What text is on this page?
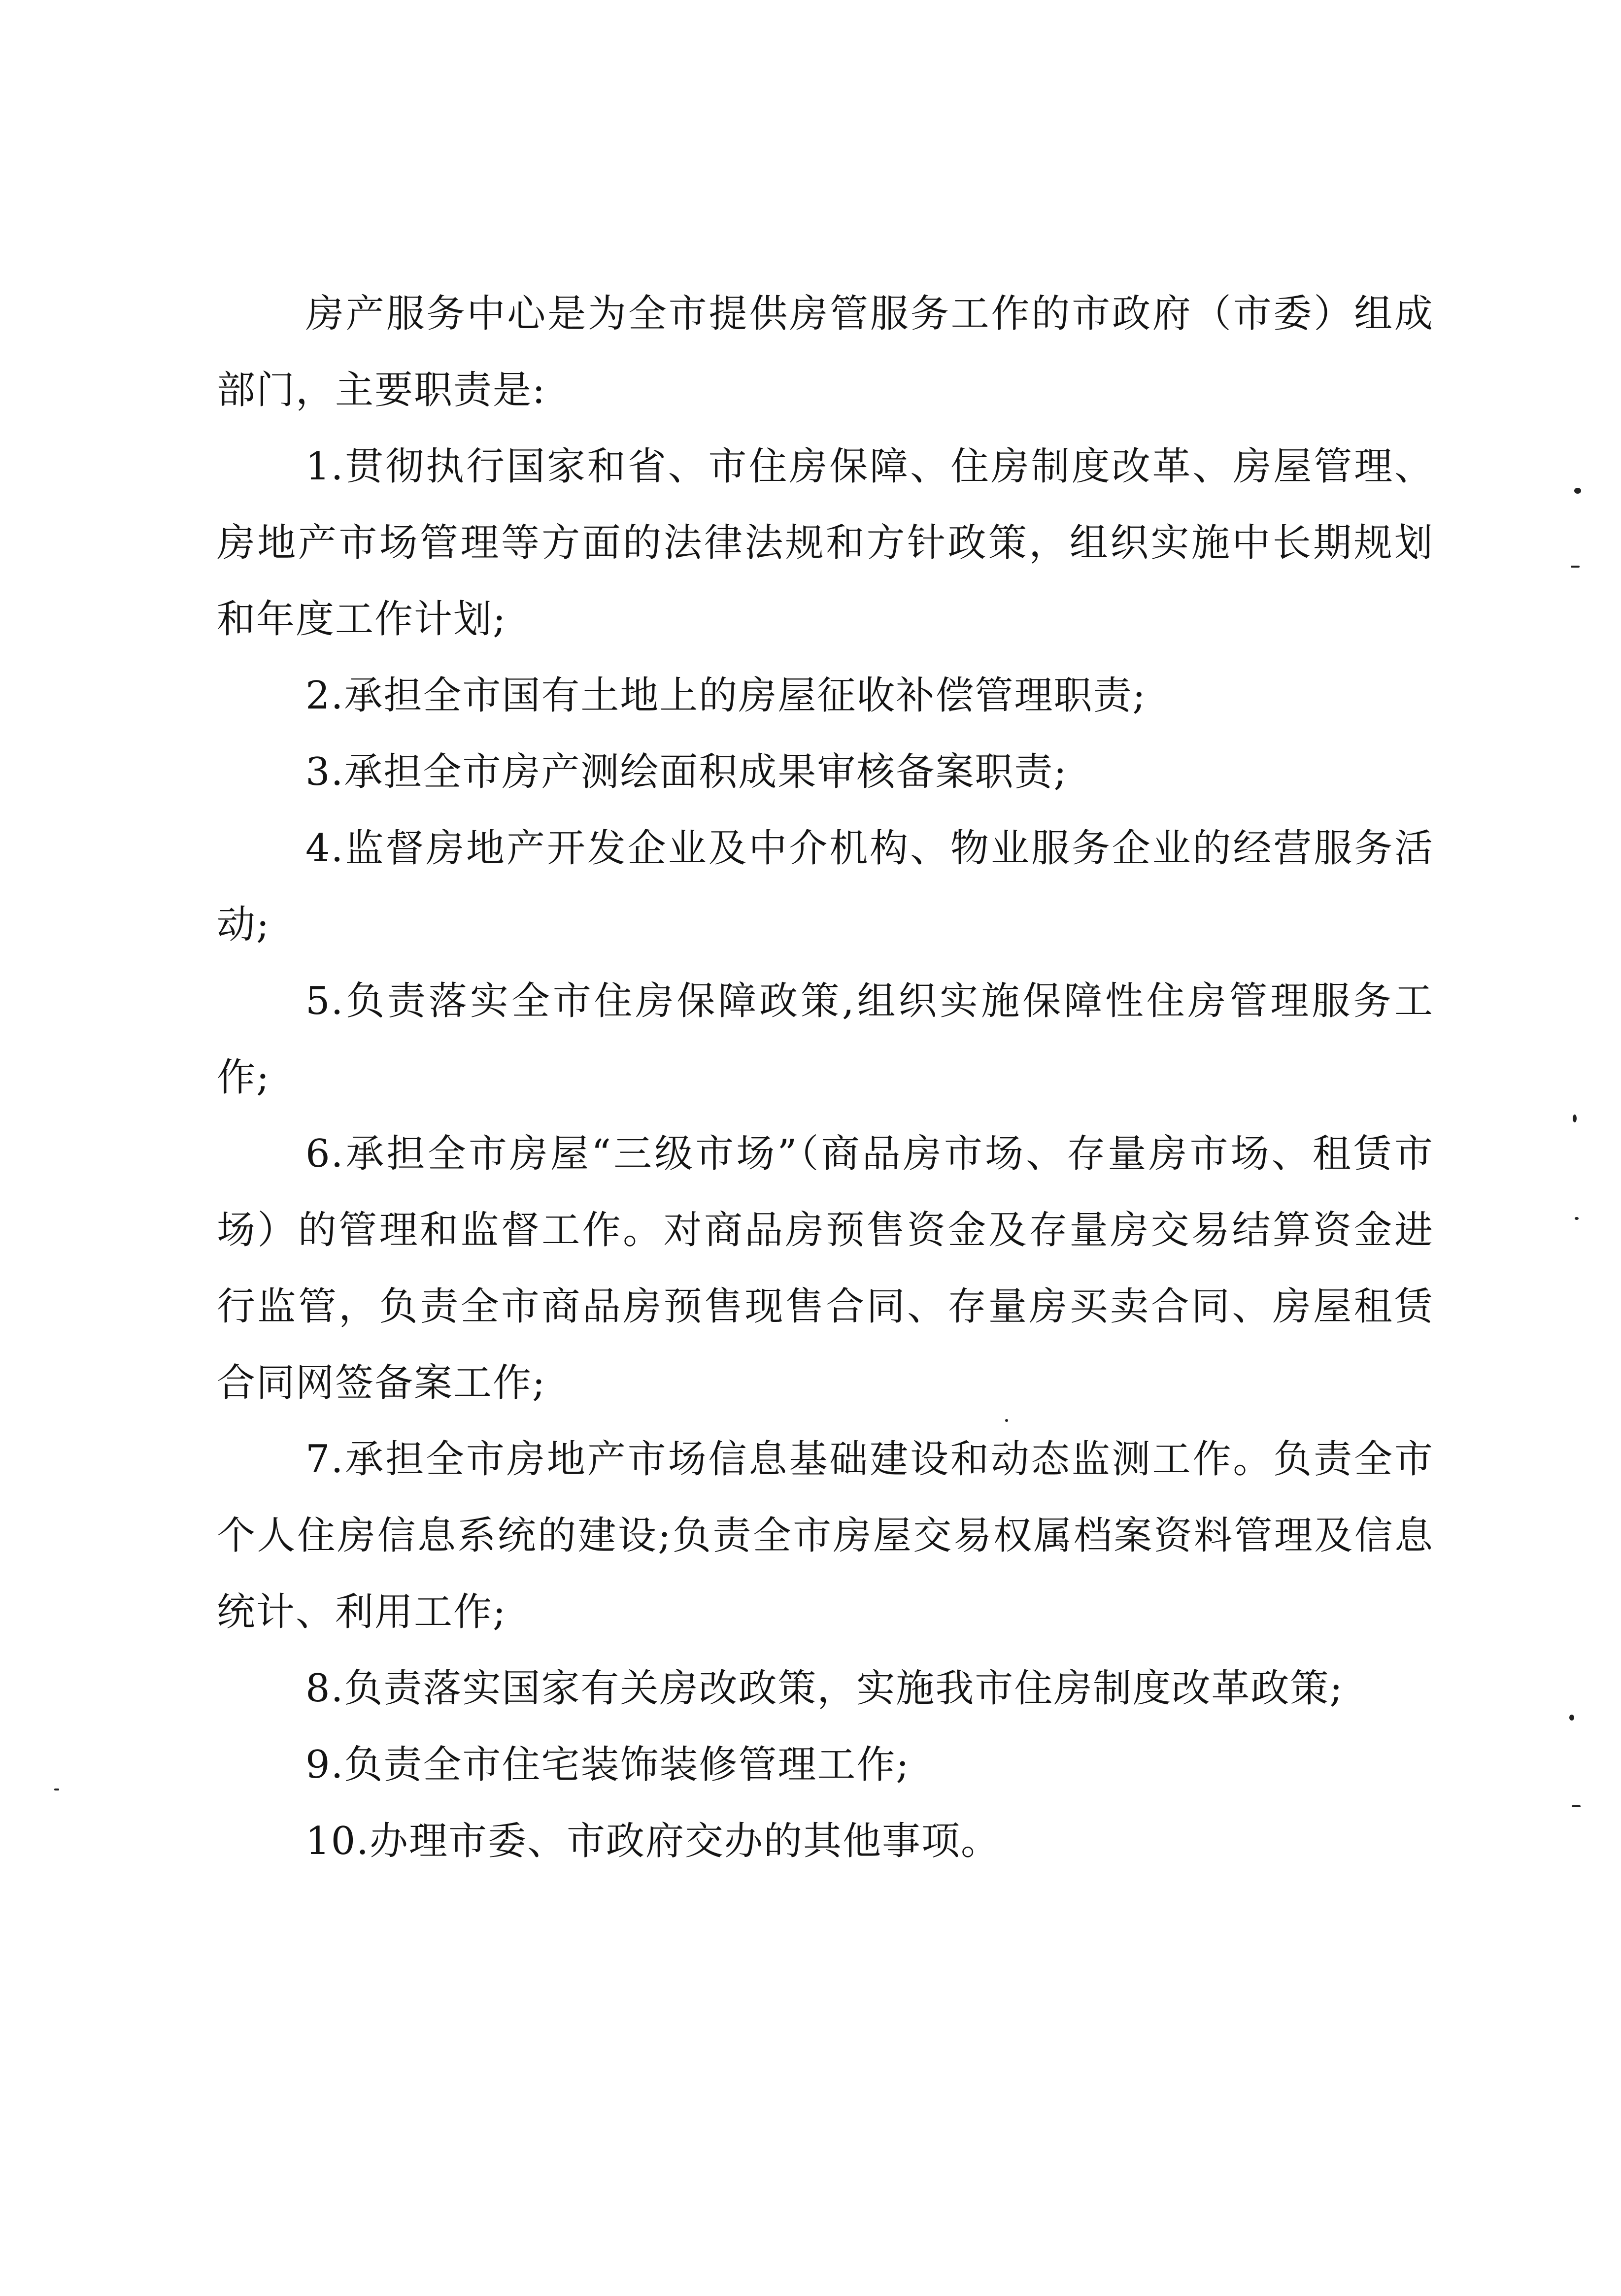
房产服务中心是为全市提供房管服务工作的市政府（市委）组成部门，主要职责是:

1.贯彻执行国家和省、市住房保障、住房制度改革、房屋管理、房地产市场管理等方面的法律法规和方针政策，组织实施中长期规划和年度工作计划;

2.承担全市国有土地上的房屋征收补偿管理职责;

3.承担全市房产测绘面积成果审核备案职责;

4.监督房地产开发企业及中介机构、物业服务企业的经营服务活动;

5.负责落实全市住房保障政策,组织实施保障性住房管理服务工作;

6.承担全市房屋“三级市场”（商品房市场、存量房市场、租赁市场）的管理和监督工作。对商品房预售资金及存量房交易结算资金进行监管，负责全市商品房预售现售合同、存量房买卖合同、房屋租赁合同网签备案工作;

7.承担全市房地产市场信息基础建设和动态监测工作。负责全市个人住房信息系统的建设;负责全市房屋交易权属档案资料管理及信息统计、利用工作;

8.负责落实国家有关房改政策，实施我市住房制度改革政策;

9.负责全市住宅装饰装修管理工作;

10.办理市委、市政府交办的其他事项。
